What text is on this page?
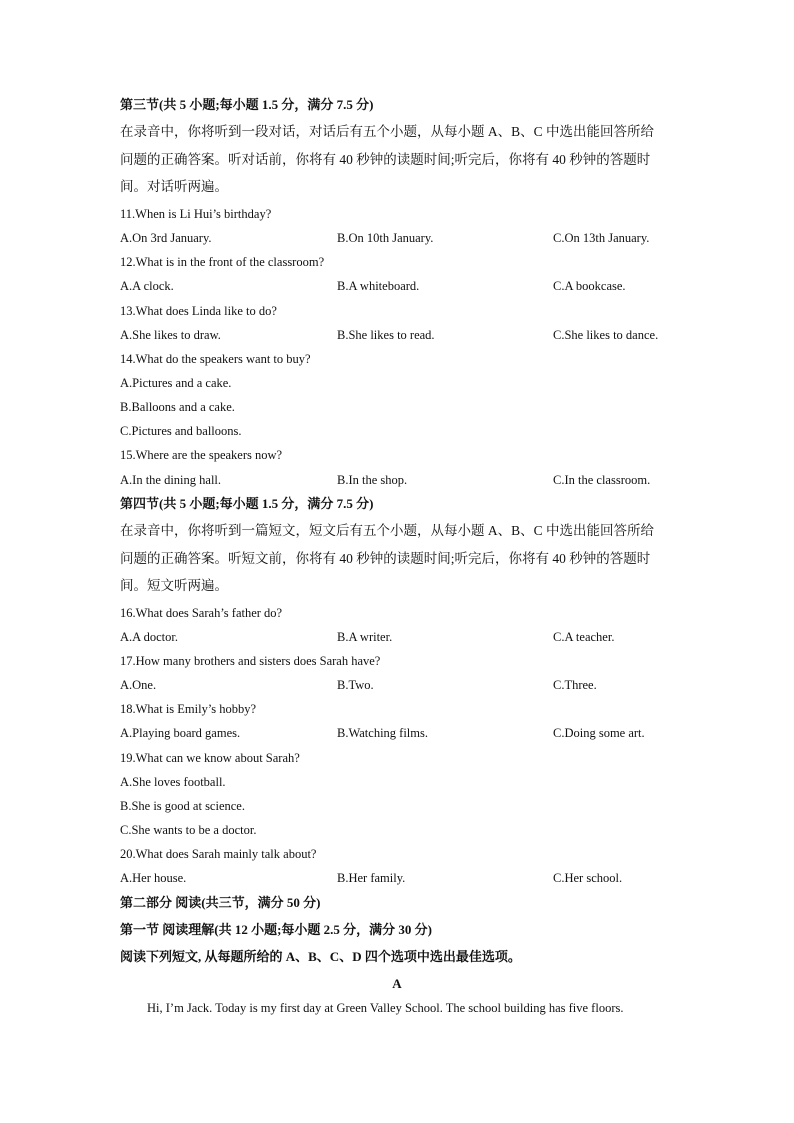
第三节(共 5 小题;每小题 1.5 分，满分 7.5 分)
在录音中，你将听到一段对话，对话后有五个小题，从每小题 A、B、C 中选出能回答所给
问题的正确答案。听对话前，你将有 40 秒钟的读题时间;听完后，你将有 40 秒钟的答题时
间。对话听两遍。
11.When is Li Hui’s birthday?
A.On 3rd January.	B.On 10th January.	C.On 13th January.
12.What is in the front of the classroom?
A.A clock.	B.A whiteboard.	C.A bookcase.
13.What does Linda like to do?
A.She likes to draw.	B.She likes to read.	C.She likes to dance.
14.What do the speakers want to buy?
A.Pictures and a cake.
B.Balloons and a cake.
C.Pictures and balloons.
15.Where are the speakers now?
A.In the dining hall.	B.In the shop.	C.In the classroom.
第四节(共 5 小题;每小题 1.5 分，满分 7.5 分)
在录音中，你将听到一篇短文，短文后有五个小题，从每小题 A、B、C 中选出能回答所给
问题的正确答案。听短文前，你将有 40 秒钟的读题时间;听完后，你将有 40 秒钟的答题时
间。短文听两遍。
16.What does Sarah’s father do?
A.A doctor.	B.A writer.	C.A teacher.
17.How many brothers and sisters does Sarah have?
A.One.	B.Two.	C.Three.
18.What is Emily’s hobby?
A.Playing board games.	B.Watching films.	C.Doing some art.
19.What can we know about Sarah?
A.She loves football.
B.She is good at science.
C.She wants to be a doctor.
20.What does Sarah mainly talk about?
A.Her house.	B.Her family.	C.Her school.
第二部分 阅读(共三节，满分 50 分)
第一节 阅读理解(共 12 小题;每小题 2.5 分，满分 30 分)
阅读下列短文, 从每题所给的 A、B、C、D 四个选项中选出最佳选项。
A
Hi, I’m Jack. Today is my first day at Green Valley School. The school building has five floors.
